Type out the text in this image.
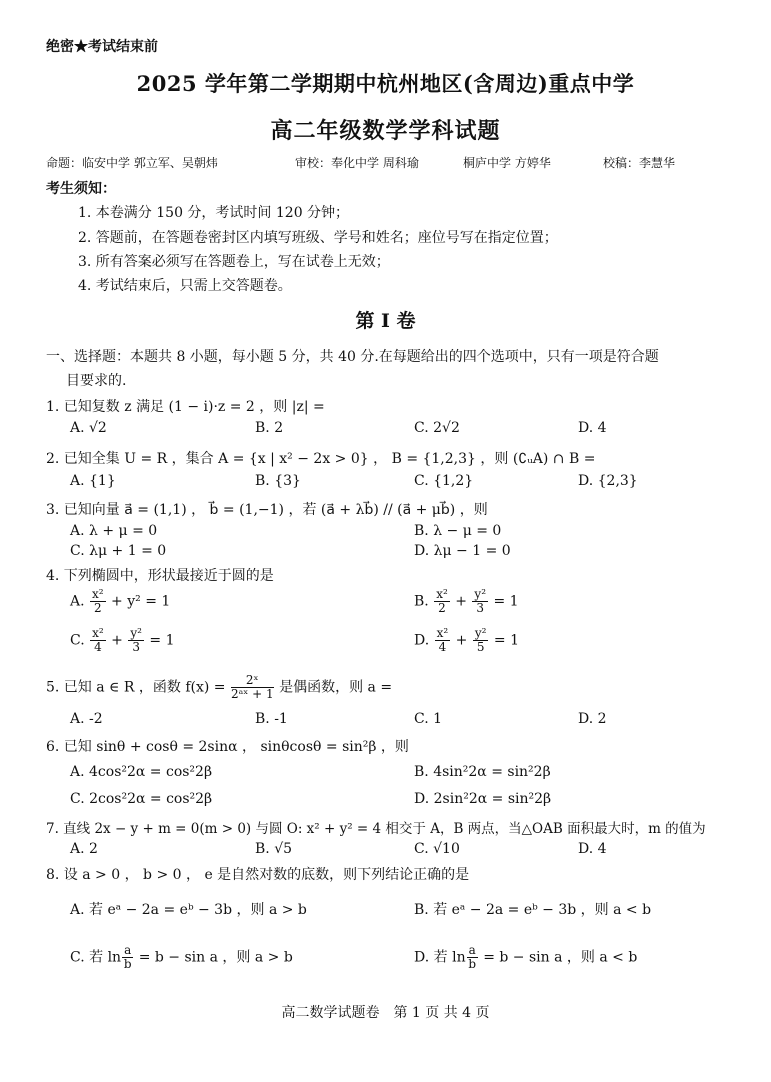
绝密★考试结束前
2025 学年第二学期期中杭州地区(含周边)重点中学
高二年级数学学科试题
命题：临安中学 郭立军、吴朝炜	审校：奉化中学 周科瑜	桐庐中学 方婷华	校稿：李慧华
考生须知：
1. 本卷满分 150 分，考试时间 120 分钟；
2. 答题前，在答题卷密封区内填写班级、学号和姓名；座位号写在指定位置；
3. 所有答案必须写在答题卷上，写在试卷上无效；
4. 考试结束后，只需上交答题卷。
第 I 卷
一、选择题：本题共 8 小题，每小题 5 分，共 40 分.在每题给出的四个选项中，只有一项是符合题
目要求的.
1. 已知复数 z 满足 (1 − i)·z = 2 ，则 |z| =
A. √2	B. 2	C. 2√2	D. 4
2. 已知全集 U = R ，集合 A = {x | x² − 2x > 0} ， B = {1,2,3} ，则 (∁ᵤA) ∩ B =
A. {1}	B. {3}	C. {1,2}	D. {2,3}
3. 已知向量 a⃗ = (1,1) ， b⃗ = (1,−1) ，若 (a⃗ + λb⃗) // (a⃗ + μb⃗) ，则
A. λ + μ = 0	B. λ − μ = 0
C. λμ + 1 = 0	D. λμ − 1 = 0
4. 下列椭圆中，形状最接近于圆的是
A. $\frac{\text{x²}}{2} + y^2 = 1$	B. $\frac{\text{x²}}{2} + \frac{\text{y²}}{3} = 1$
C. $\frac{\text{x²}}{4} + \frac{\text{y²}}{3} = 1$	D. $\frac{\text{x²}}{4} + \frac{\text{y²}}{5} = 1$
5. 已知 a ∈ R ，函数 $f(x) = \frac{\text{2ˣ}}{\text{2ᵃˣ + 1}}$ 是偶函数，则 a =
A. -2	B. -1	C. 1	D. 2
6. 已知 sinθ + cosθ = 2sinα ， sinθcosθ = sin²β ，则
A. 4cos²2α = cos²2β	B. 4sin²2α = sin²2β
C. 2cos²2α = cos²2β	D. 2sin²2α = sin²2β
7. 直线 2x − y + m = 0(m > 0) 与圆 O: x² + y² = 4 相交于 A，B 两点，当△OAB 面积最大时，m 的值为
A. 2	B. √5	C. √10	D. 4
8. 设 a > 0 ， b > 0 ， e 是自然对数的底数，则下列结论正确的是
A. 若 eᵃ − 2a = eᵇ − 3b ，则 a > b	B. 若 eᵃ − 2a = eᵇ − 3b ，则 a < b
C. 若 $\ln \frac{a}{b} = b - \sin a$ ，则 a > b	D. 若 $\ln \frac{a}{b} = b - \sin a$ ，则 a < b
高二数学试题卷　第 1 页 共 4 页
